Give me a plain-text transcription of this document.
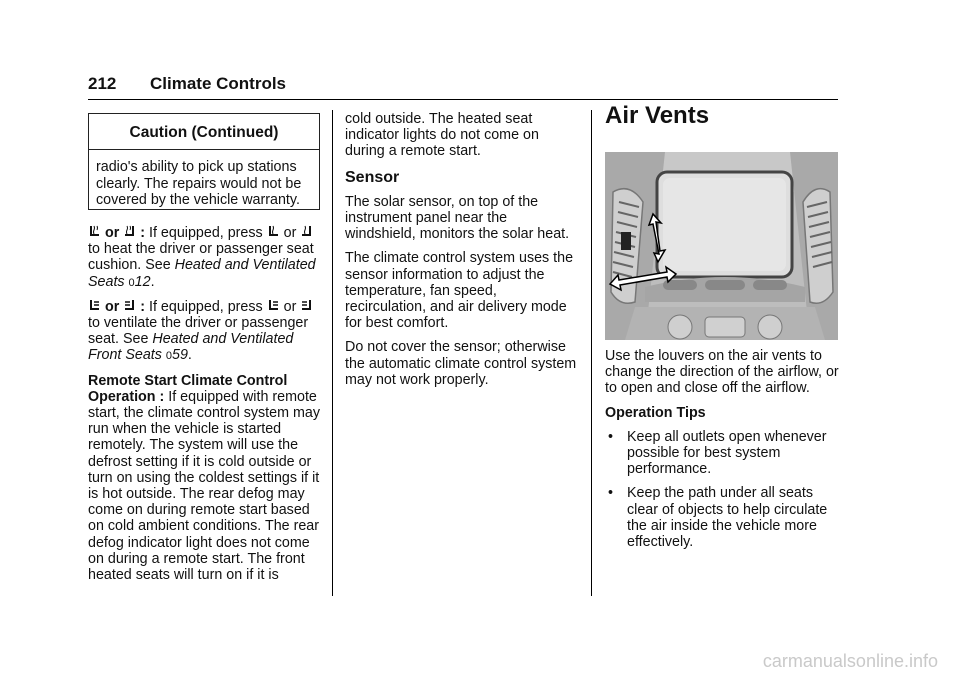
212 Climate Controls
Caution (Continued)
radio's ability to pick up stations clearly. The repairs would not be covered by the vehicle warranty.

or : If equipped, press or  to heat the driver or passenger seat cushion. See Heated and Ventilated Seats 012.

or : If equipped, press or  to ventilate the driver or passenger seat. See Heated and Ventilated Front Seats 059.

Remote Start Climate Control Operation : If equipped with remote start, the climate control system may run when the vehicle is started remotely. The system will use the defrost setting if it is cold outside or turn on using the coldest settings if it is hot outside. The rear defog may come on during remote start based on cold ambient conditions. The rear defog indicator light does not come on during a remote start. The front heated seats will turn on if it is

cold outside. The heated seat indicator lights do not come on during a remote start.

Sensor

The solar sensor, on top of the instrument panel near the windshield, monitors the solar heat.

The climate control system uses the sensor information to adjust the temperature, fan speed, recirculation, and air delivery mode for best comfort.

Do not cover the sensor; otherwise the automatic climate control system may not work properly.

Air Vents

Use the louvers on the air vents to change the direction of the airflow, or to open and close off the airflow.

Operation Tips

• Keep all outlets open whenever possible for best system performance.
• Keep the path under all seats clear of objects to help circulate the air inside the vehicle more effectively.
carmanualsonline.info
